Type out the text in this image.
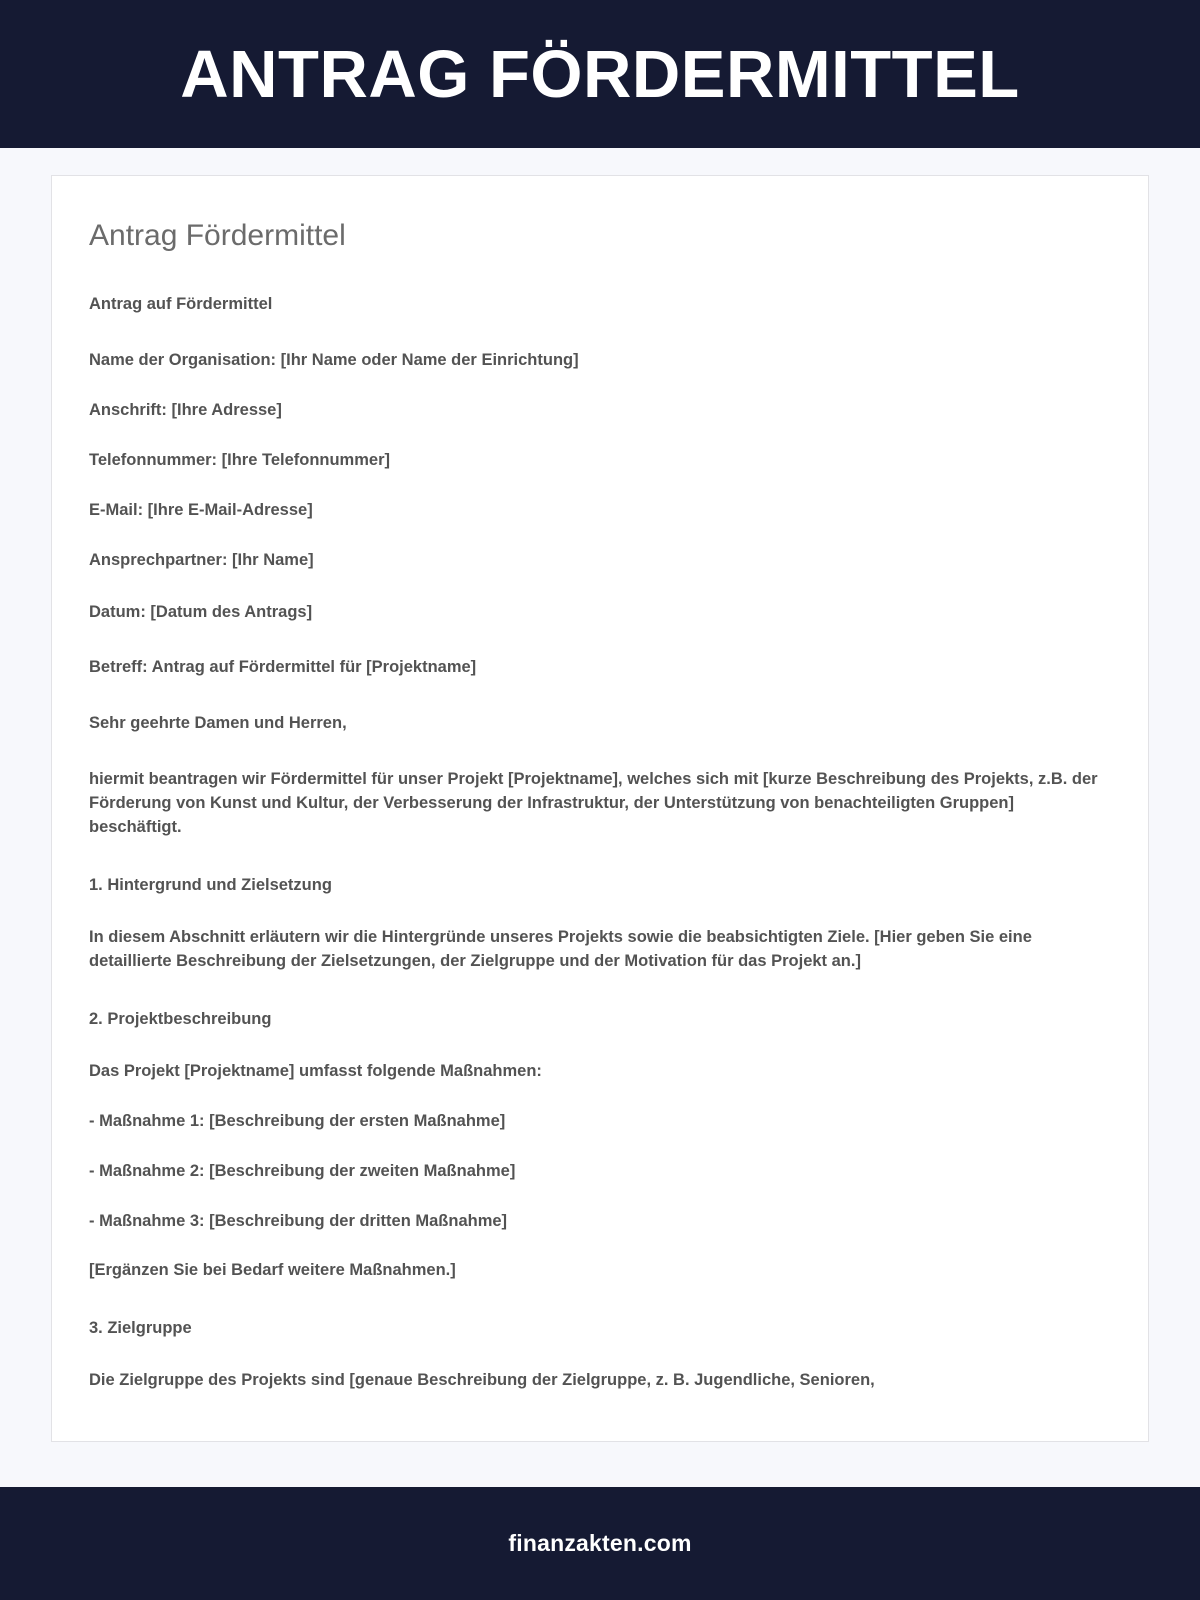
ANTRAG FÖRDERMITTEL
Antrag Fördermittel

Antrag auf Fördermittel

Name der Organisation: [Ihr Name oder Name der Einrichtung]

Anschrift: [Ihre Adresse]

Telefonnummer: [Ihre Telefonnummer]

E-Mail: [Ihre E-Mail-Adresse]

Ansprechpartner: [Ihr Name]

Datum: [Datum des Antrags]

Betreff: Antrag auf Fördermittel für [Projektname]

Sehr geehrte Damen und Herren,

hiermit beantragen wir Fördermittel für unser Projekt [Projektname], welches sich mit [kurze Beschreibung des Projekts, z.B. der Förderung von Kunst und Kultur, der Verbesserung der Infrastruktur, der Unterstützung von benachteiligten Gruppen] beschäftigt.

1. Hintergrund und Zielsetzung

In diesem Abschnitt erläutern wir die Hintergründe unseres Projekts sowie die beabsichtigten Ziele. [Hier geben Sie eine detaillierte Beschreibung der Zielsetzungen, der Zielgruppe und der Motivation für das Projekt an.]

2. Projektbeschreibung

Das Projekt [Projektname] umfasst folgende Maßnahmen:

- Maßnahme 1: [Beschreibung der ersten Maßnahme]

- Maßnahme 2: [Beschreibung der zweiten Maßnahme]

- Maßnahme 3: [Beschreibung der dritten Maßnahme]

[Ergänzen Sie bei Bedarf weitere Maßnahmen.]

3. Zielgruppe

Die Zielgruppe des Projekts sind [genaue Beschreibung der Zielgruppe, z. B. Jugendliche, Senioren,

finanzakten.com
